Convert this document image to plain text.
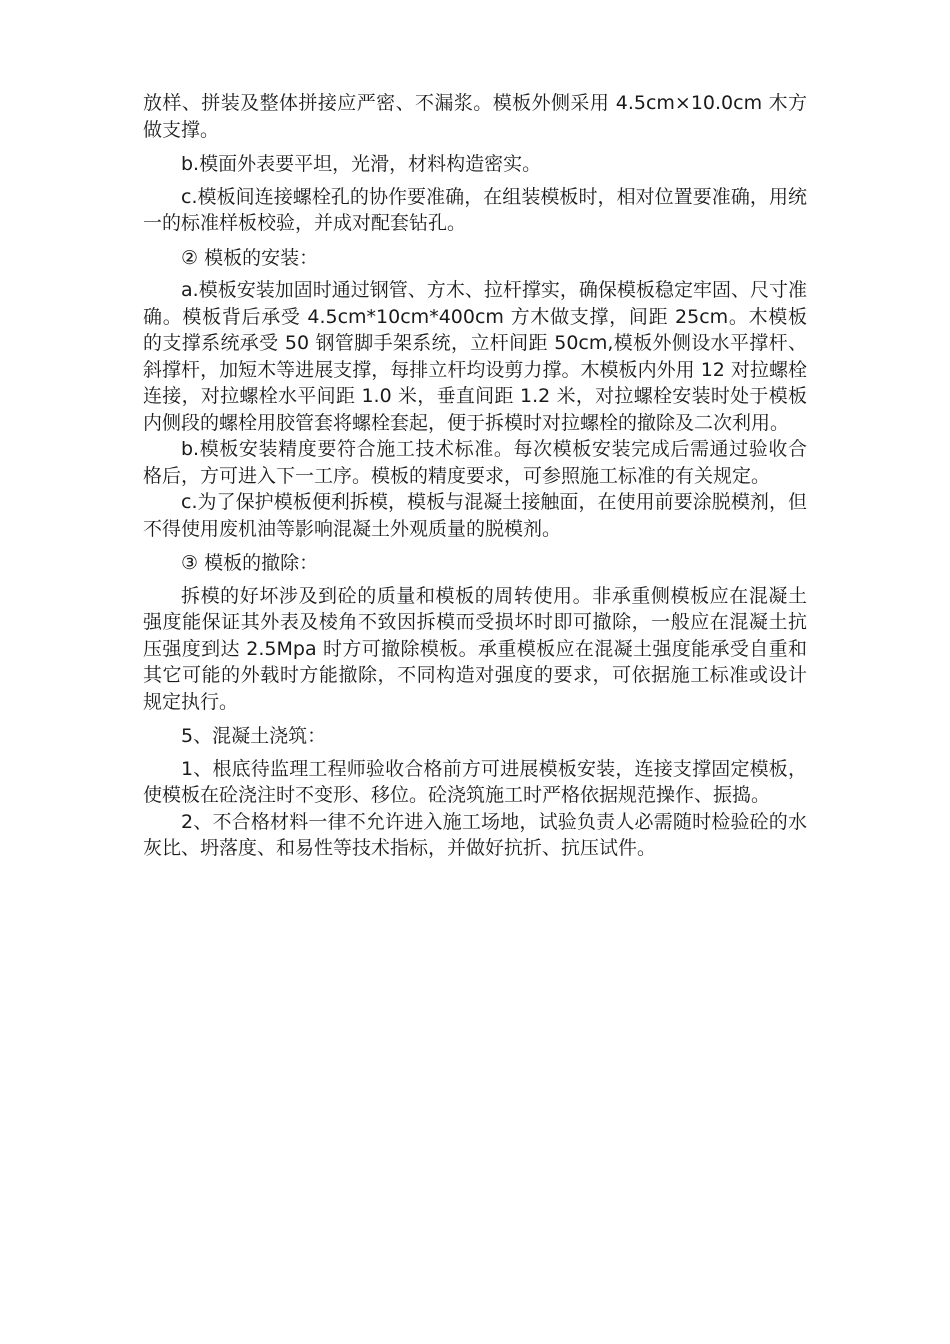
放样、拼装及整体拼接应严密、不漏浆。模板外侧采用 4.5cm×10.0cm 木方做支撑。

b.模面外表要平坦，光滑，材料构造密实。

c.模板间连接螺栓孔的协作要准确，在组装模板时，相对位置要准确，用统一的标准样板校验，并成对配套钻孔。

② 模板的安装：

a.模板安装加固时通过钢管、方木、拉杆撑实，确保模板稳定牢固、尺寸准确。模板背后承受 4.5cm*10cm*400cm 方木做支撑，间距 25cm。木模板的支撑系统承受 50 钢管脚手架系统，立杆间距 50cm,模板外侧设水平撑杆、斜撑杆，加短木等进展支撑，每排立杆均设剪力撑。木模板内外用 12 对拉螺栓连接，对拉螺栓水平间距 1.0 米，垂直间距 1.2 米，对拉螺栓安装时处于模板内侧段的螺栓用胶管套将螺栓套起，便于拆模时对拉螺栓的撤除及二次利用。

b.模板安装精度要符合施工技术标准。每次模板安装完成后需通过验收合格后，方可进入下一工序。模板的精度要求，可参照施工标准的有关规定。

c.为了保护模板便利拆模，模板与混凝土接触面，在使用前要涂脱模剂，但不得使用废机油等影响混凝土外观质量的脱模剂。

③ 模板的撤除：

拆模的好坏涉及到砼的质量和模板的周转使用。非承重侧模板应在混凝土强度能保证其外表及棱角不致因拆模而受损坏时即可撤除，一般应在混凝土抗压强度到达 2.5Mpa 时方可撤除模板。承重模板应在混凝土强度能承受自重和其它可能的外载时方能撤除，不同构造对强度的要求，可依据施工标准或设计规定执行。

5、混凝土浇筑：

1、根底待监理工程师验收合格前方可进展模板安装，连接支撑固定模板，使模板在砼浇注时不变形、移位。砼浇筑施工时严格依据规范操作、振捣。

2、不合格材料一律不允许进入施工场地，试验负责人必需随时检验砼的水灰比、坍落度、和易性等技术指标，并做好抗折、抗压试件。
